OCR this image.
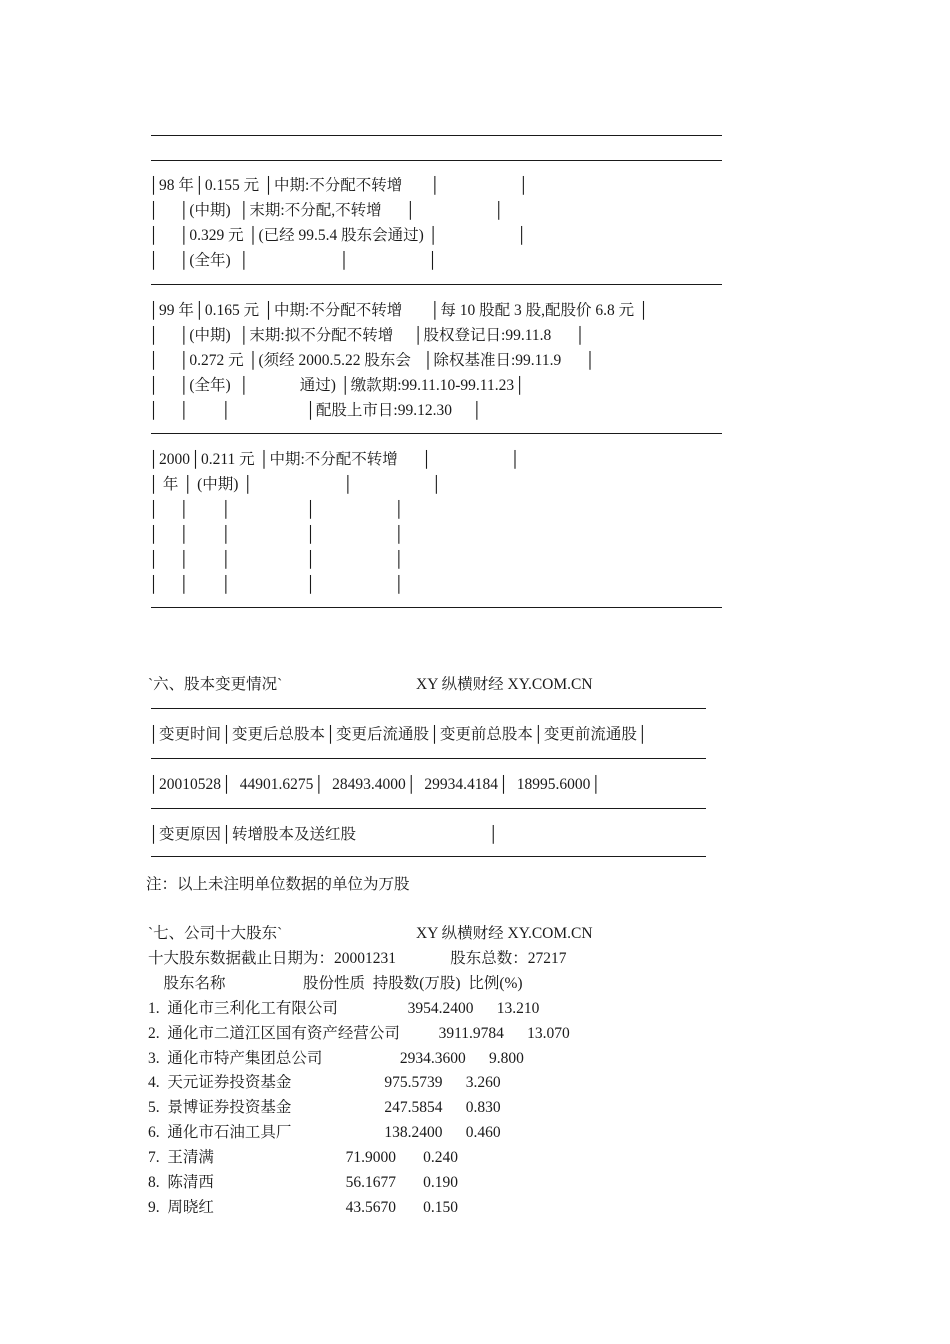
│98 年│0.155 元 │中期:不分配不转增       │                    │
│     │(中期)  │末期:不分配,不转增      │                    │
│     │0.329 元 │(已经 99.5.4 股东会通过) │                    │
│     │(全年)  │                       │                    │
│99 年│0.165 元 │中期:不分配不转增       │每 10 股配 3 股,配股价 6.8 元 │
│     │(中期)  │末期:拟不分配不转增     │股权登记日:99.11.8      │
│     │0.272 元 │(须经 2000.5.22 股东会   │除权基准日:99.11.9      │
│     │(全年)  │             通过) │缴款期:99.11.10-99.11.23│
│     │        │                   │配股上市日:99.12.30     │
│2000│0.211 元 │中期:不分配不转增      │                    │
│ 年 │ (中期) │                       │                    │
│     │        │                   │                    │
│     │        │                   │                    │
│     │        │                   │                    │
│     │        │                   │                    │
`六、股本变更情况`	XY 纵横财经 XY.COM.CN
│变更时间│变更后总股本│变更后流通股│变更前总股本│变更前流通股│
│20010528│  44901.6275│  28493.4000│  29934.4184│  18995.6000│
│变更原因│转增股本及送红股                                  │
注：以上未注明单位数据的单位为万股
`七、公司十大股东`	XY 纵横财经 XY.COM.CN
十大股东数据截止日期为：20001231              股东总数：27217
股东名称                    股份性质  持股数(万股)  比例(%)
1.  通化市三利化工有限公司                  3954.2400      13.210
2.  通化市二道江区国有资产经营公司          3911.9784      13.070
3.  通化市特产集团总公司                    2934.3600      9.800
4.  天元证券投资基金                        975.5739      3.260
5.  景博证券投资基金                        247.5854      0.830
6.  通化市石油工具厂                        138.2400      0.460
7.  王清满                                  71.9000       0.240
8.  陈清西                                  56.1677       0.190
9.  周晓红                                  43.5670       0.150
